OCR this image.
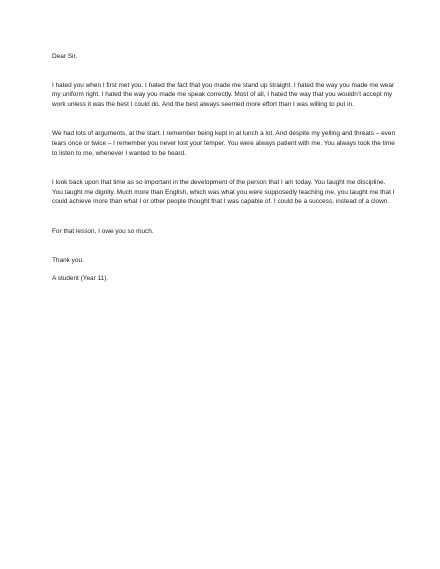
Dear Sir,

I hated you when I first met you. I hated the fact that you made me stand up straight. I hated the way you made me wear my uniform right. I hated the way you made me speak correctly. Most of all, I hated the way that you wouldn’t accept my work unless it was the best I could do. And the best always seemed more effort than I was willing to put in.

We had lots of arguments, at the start. I remember being kept in at lunch a lot. And despite my yelling and threats – even tears once or twice – I remember you never lost your temper. You were always patient with me. You always took the time to listen to me, whenever I wanted to be heard.

I look back upon that time as so important in the development of the person that I am today. You taught me discipline. You taught me dignity. Much more than English, which was what you were supposedly teaching me, you taught me that I could achieve more than what I or other people thought that I was capable of. I could be a success, instead of a clown.

For that lesson, I owe you so much.

Thank you.

A student (Year 11).
